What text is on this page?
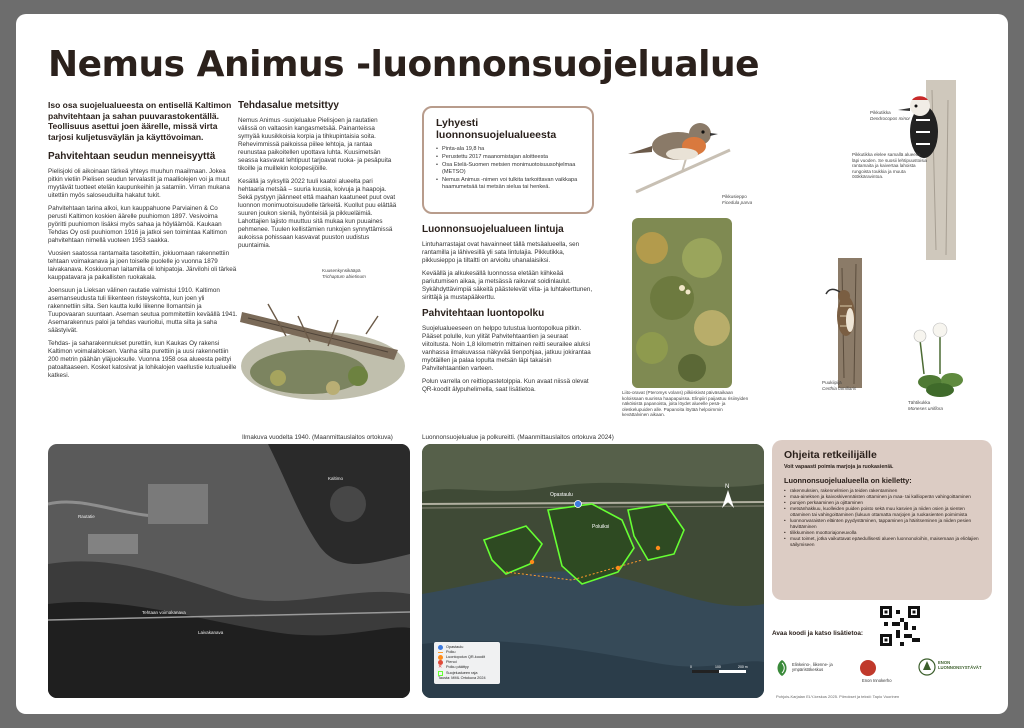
Nemus Animus -luonnonsuojelualue
Iso osa suojelualueesta on entisellä Kaltimon pahvitehtaan ja sahan puuvarastokentällä. Teollisuus asettui joen äärelle, missä virta tarjosi kuljetusväylän ja käyttövoiman.
Pahvitehtaan seudun menneisyyttä

Pielisjoki oli aikoinaan tärkeä yhteys muuhun maailmaan. Jokea pitkin vietiin Pielisen seudun tervalastit ja maalliolejen voi ja muut myytävät tuotteet etelän kaupunkeihin ja satamiin. Virran mukana uitettiin myös saloseuduilta hakatut tukit.

Pahvitehtaan tarina alkoi, kun kauppahuone Parviainen & Co perusti Kaltimon koskien äärelle puuhiomon 1897. Vesivoima pyöritti puuhiomon lisäksi myös sahaa ja höyläämöä. Kaukaan Tehdas Oy osti puuhiomon 1916 ja jatkoi sen toimintaa Kaltimon pahvitehtaan nimellä vuoteen 1953 saakka.

Vuosien saatossa rantamaita tasoitettiin, jokiuomaan rakennettiin tehtaan voimakanava ja joen toiselle puolelle jo vuonna 1879 laivakanava. Koskiuoman laitamilla oli lohipatoja. Järvilohi oli tärkeä kauppatavara ja paikallisten ruokakala.

Joensuun ja Lieksan välinen rautatie valmistui 1910. Kaltimon asemanseudusta tuli liikenteen risteyskohta, kun joen yli rakennettiin silta. Sen kautta kulki liikenne Ilomantsin ja Tuupovaaran suuntaan. Aseman seutua pommitettiin keväällä 1941. Asemarakennus paloi ja tehdas vaurioitui, mutta silta ja saha säästyivät.

Tehdas- ja saharakennukset purettiin, kun Kaukas Oy rakensi Kaltimon voimalaitoksen. Vanha silta purettiin ja uusi rakennettiin 200 metrin päähän yläjuoksulle. Vuonna 1958 osa alueesta peittyi patoaltaaseen. Kosket katosivat ja lohikalojen vaellustie kutualueille katkesi.

Tehdasalue metsittyy

Nemus Animus -suojelualue Pielisjoen ja rautatien välissä on valtaosin kangasmetsää. Painanteissa symyää kuusikkoisia korpia ja tihkupintaisia soita. Rehevimmissä paikoissa piileе lehtoja, ja rantaa reunustaa paikoitellen upottava luhta. Kuusimetsän seassa kasvavat lehtipuut tarjoavat ruoka- ja pesäpuita tikoille ja muillekin kolopesijöille.

Kesällä ja syksyllä 2022 tuuli kaatoi alueelta pari hehtaaria metsää – suuria kuusia, koivuja ja haapoja. Sekä pystyyn jäänneet että maahan kaatuneet puut ovat luonnon monimuotoisuudelle tärkeitä. Kuollut puu elättää suuren joukon sieniä, hyönteisiä ja pikkueläimiä. Lahottajien lajisto muuttuu sitä mukaa kun puuaines pehmenee. Tuulen kellistämien runkojen synnyttämissä aukoissa pohissaan kasvavat puuston uudistus puuntaimia.

Kuusenkynsikääpä
Trichaptum abietinum
Lyhyesti luonnonsuojelualueesta
• Pinta-ala 19,8 ha
• Perustettu 2017 maanomistajan aloitteesta
• Osa Etelä-Suomen metsien monimuotoisuusohjelmaa (METSO)
• Nemus Animus -nimen voi tulkita tarkoittavan vaikkapa haamumetsää tai metsän sielua tai henkeä.
Luonnonsuojelualueen lintuja

Lintuharrastajat ovat havainneet tällä metsäalueella, sen rantamilla ja lähivesillä yli sata lintulajia. Pikkutikka, pikkusieppo ja tiltaltti on arvioitu uhanalaisiksi.

Keväällä ja alkukesällä luonnossa eletään kiihkeää pariutumisen aikaa, ja metsässä raikuvat soidinlaulut. Sykähdyttävimpiä säkeitä päästelevät viita- ja luhtakerttunen, sirittäjä ja mustapääkerttu.

Pahvitehtaan luontopolku

Suojelualueeseen on helppo tutustua luontopolkua pitkin. Pääset polulle, kun ylität Pahvitehtaantien ja seuraat viitoitusta. Noin 1,8 kilometrin mittainen reitti seurailee aluksi vanhassa ilmakuvassa näkyvää tienpohjaa, jatkuu jokirantaa myötäillen ja palaa lopulta metsän läpi takaisin Pahvitehtaantien varteen.

Polun varrella on reittiopastetolppia. Kun avaat niissä olevat QR-koodit älypuhelimella, saat lisätietoa.

Pikkusieppo
Ficedula parva
Pikkutikka
Dendrocopos minor
Pikkutikka elelee samallä alueella läpi vuoden. Se suosii lehtipuustoisia rantamaita ja kaivertaa lahoista rungoista toukkia ja muuta ötökkäravintoa.
Liito-oravat (Pteromys volans) pilkiiskivät päiväsaikaan koloissaan suurissa haapapuissa. Elinpiiri paijastuu risiinyiden näköisistä papanoista, joita löydet alueelle pesä- ja oleskelupuiden alle. Papanoita löytää helpoimmin kevättalvinen aikaan.
Puukiipijä
Certhia familiaris
Tähtikukka
Moneses uniflora
Ilmakuva vuodelta 1940. (Maanmittauslaitos ortokuva)	Luonnonsuojelualue ja polkureitti. (Maanmittauslaitos ortokuva 2024)
Kaltimo
Tehtaan voimakanava
Laivakanava
Rautatie
Opastaulu
Poluiksi
N
0	100	200 m
Opastaulu
Polku
Luontopolun QR-koodit
Pienoi
✕ Polku päättyy
Suojelualueen raja
Taustа: MML Ortokuva 2024
Ohjeita retkeilijälle
Voit vapaasti poimia marjoja ja ruokasieniä.
Luonnonsuojelualueella on kielletty:
• rakennuksien, rakennelmien ja teiden rakentaminen
• maa-aineksen ja kaivoskivennäisten ottaminen ja maa- tai kallioperän vahingoittaminen
• purojen perkaaminen ja ojittaminen
• metsänhakkuu, kuolleiden puiden poisto sekä muu kasvien ja niiden osien ja sienten ottaminen tai vahingoittaminen (lukuun ottamatta marjojen ja ruokasienten poimimista
• luonnonvaraisten eläinten pyydystäminen, tappaminen ja häiritseminen ja niiden pesien hävittäminen
• tilikkuminen moottoriajoneuvolla
• muut toimet, jotka vaikuttavat epäedullisesti alueen luonnonoloihin, maisemaan ja eliölajien säilymiseen
Avaa koodi ja katso lisätietoa:
Elinkeino-, liikenne- ja ympäristökeskus
Enon Innokerho
ENON LUONNONSYSTÄVÄT
Pohjois-Karjalan ELY-keskus 2025. Piirrokset ja teksti: Tapio Vuorinen
